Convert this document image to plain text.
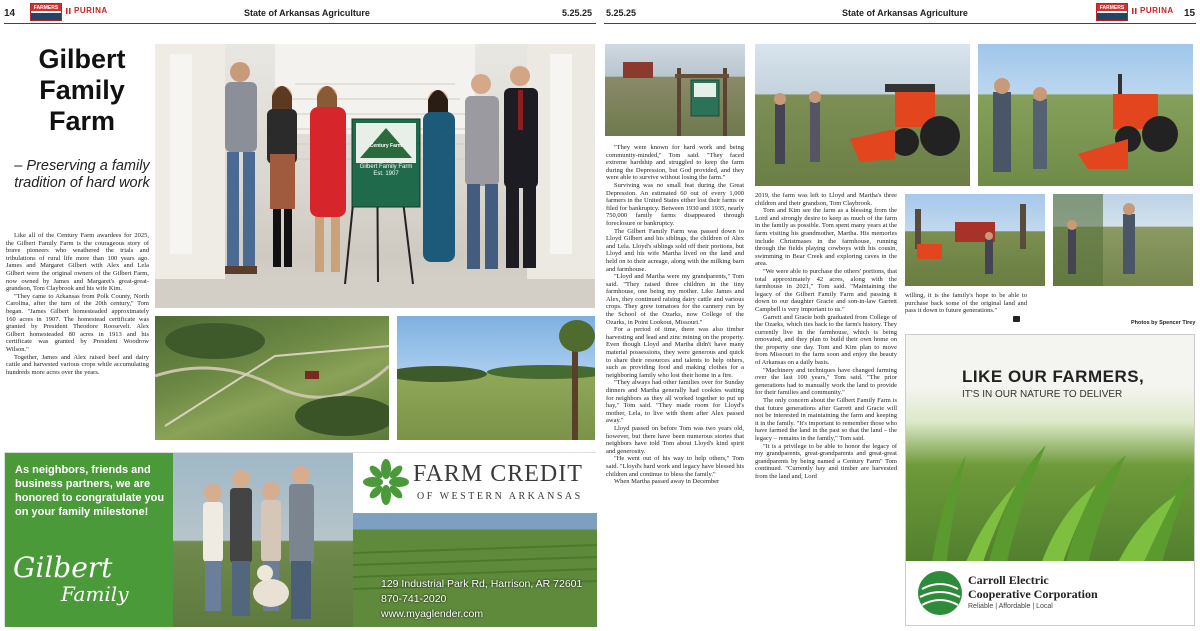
14	FARMERS	PURINA	State of Arkansas Agriculture	5.25.25 5.25.25	State of Arkansas Agriculture	FARMERS	PURINA 15
Gilbert
Family
Farm
– Preserving a family tradition of hard work

Like all of the Century Farm awardees for 2025, the Gilbert Family Farm is the courageous story of brave pioneers who weathered the trials and tribulations of rural life more than 100 years ago. James and Margaret Gilbert with Alex and Lela Gilbert were the original owners of the Gilbert Farm, now owned by James and Margaret's great-great-grandson, Tom Claybrook and his wife Kim.

"They came to Arkansas from Polk County, North Carolina, after the turn of the 20th century," Tom began. "James Gilbert homesteaded approximately 160 acres in 1907. The homestead certificate was granted by President Theodore Roosevelt. Alex Gilbert homesteaded 80 acres in 1913 and his certificate was granted by President Woodrow Wilson."

Together, James and Alex raised beef and dairy cattle and harvested various crops while accumulating hundreds more acres over the years.

Gilbert Family Farm
Est. 1907
Century Farm
As neighbors, friends and business partners, we are honored to congratulate you on your family milestone!
Gilbert
Family
FARM CREDIT
OF WESTERN ARKANSAS
129 Industrial Park Rd, Harrison, AR 72601
870-741-2020
www.myaglender.com

"They were known for hard work and being community-minded," Tom said. "They faced extreme hardship and struggled to keep the farm during the Depression, but God provided, and they were able to survive without losing the farm."

Surviving was no small feat during the Great Depression. An estimated 60 out of every 1,000 farmers in the United States either lost their farms or filed for bankruptcy. Between 1930 and 1935, nearly 750,000 family farms disappeared through foreclosure or bankruptcy.

The Gilbert Family Farm was passed down to Lloyd Gilbert and his siblings, the children of Alex and Lela. Lloyd's siblings sold off their portions, but Lloyd and his wife Martha lived on the land and held on to their acreage, along with the milking barn and farmhouse.

"Lloyd and Martha were my grandparents," Tom said. "They raised three children in the tiny farmhouse, one being my mother. Like James and Alex, they continued raising dairy cattle and various crops. They grew tomatoes for the cannery run by the School of the Ozarks, now College of the Ozarks, in Point Lookout, Missouri."

For a period of time, there was also timber harvesting and lead and zinc mining on the property. Even though Lloyd and Martha didn't have many material possessions, they were generous and quick to share their resources and talents to help others, such as providing food and making clothes for a neighboring family who lost their home in a fire.

"They always had other families over for Sunday dinners and Martha generally had cookies waiting for neighbors as they all worked together to put up hay," Tom said. "They made room for Lloyd's mother, Lela, to live with them after Alex passed away."

Lloyd passed on before Tom was two years old, however, but there have been numerous stories that neighbors have told Tom about Lloyd's kind spirit and generosity.

"He went out of his way to help others," Tom said. "Lloyd's hard work and legacy have blessed his children and continue to bless the family."

When Martha passed away in December

2019, the farm was left to Lloyd and Martha's three children and their grandson, Tom Claybrook.

Tom and Kim see the farm as a blessing from the Lord and strongly desire to keep as much of the farm in the family as possible. Tom spent many years at the farm visiting his grandmother, Martha. His memories include Christmases in the farmhouse, running through the fields playing cowboys with his cousin, swimming in Bear Creek and exploring caves in the area.

"We were able to purchase the others' portions, that total approximately 42 acres, along with the farmhouse in 2021," Tom said. "Maintaining the legacy of the Gilbert Family Farm and passing it down to our daughter Gracie and son-in-law Garrett Campbell is very important to us."

Garrett and Gracie both graduated from College of the Ozarks, which ties back to the farm's history. They currently live in the farmhouse, which is being renovated, and they plan to build their own home on the property one day. Tom and Kim plan to move from Missouri to the farm soon and enjoy the beauty of Arkansas on a daily basis.

"Machinery and techniques have changed farming over the last 100 years," Tom said. "The prior generations had to manually work the land to provide for their families and community."

The only concern about the Gilbert Family Farm is that future generations after Garrett and Gracie will not be interested in maintaining the farm and keeping it in the family. "It's important to remember those who have farmed the land in the past so that the land – the legacy – remains in the family," Tom said.

"It is a privilege to be able to honor the legacy of my grandparents, great-grandparents and great-great grandparents by being named a Century Farm" Tom continued. "Currently hay and timber are harvested from the land and, Lord

willing, it is the family's hope to be able to purchase back some of the original land and pass it down to future generations."

Photos by Spencer Tirey
LIKE OUR FARMERS,
IT'S IN OUR NATURE TO DELIVER
Carroll Electric
Cooperative Corporation
Reliable | Affordable | Local
